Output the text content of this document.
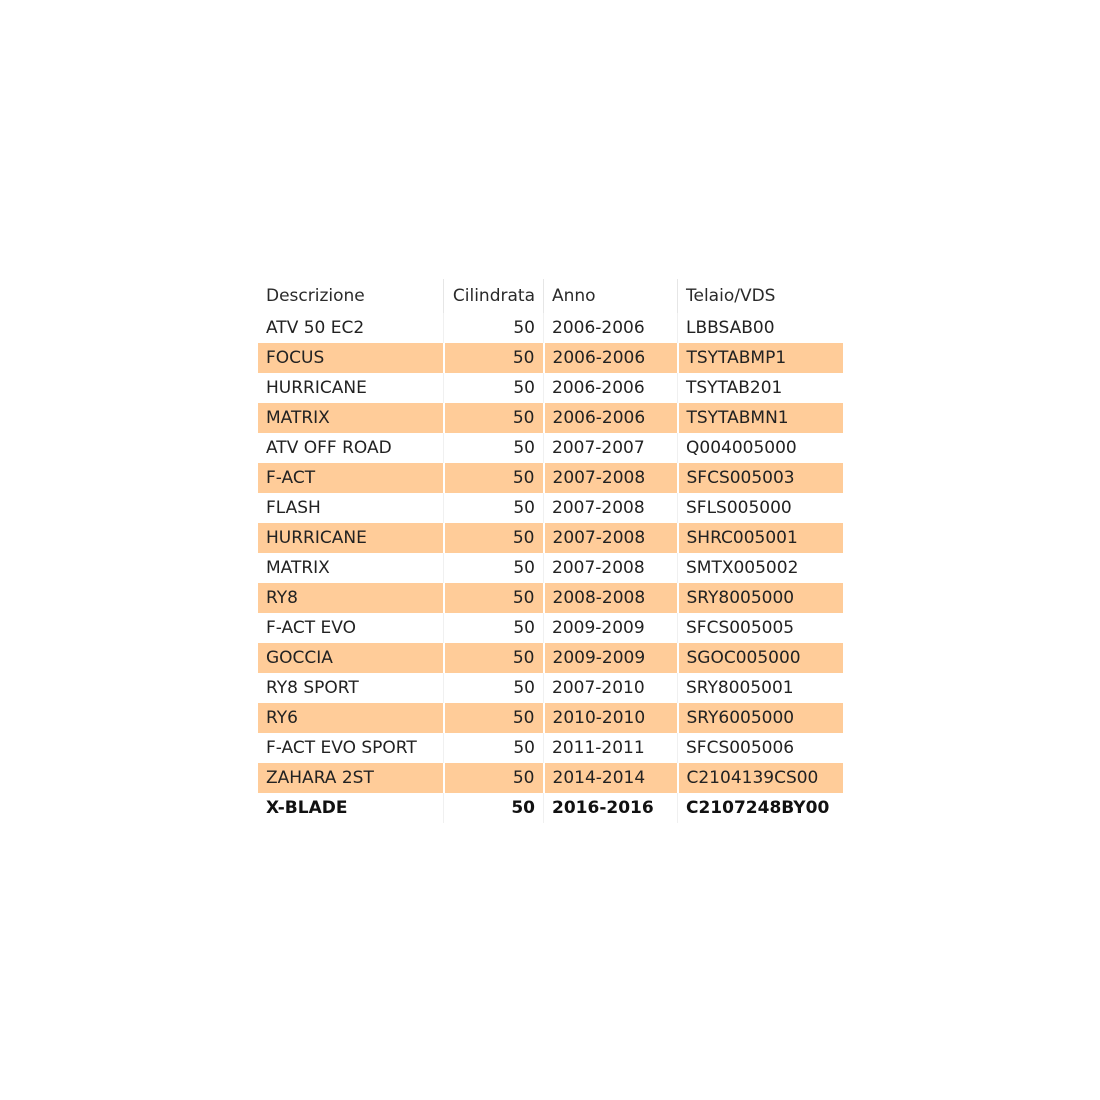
Descrizione	Cilindrata	Anno	Telaio/VDS
ATV 50 EC2	50	2006-2006	LBBSAB00
FOCUS	50	2006-2006	TSYTABMP1
HURRICANE	50	2006-2006	TSYTAB201
MATRIX	50	2006-2006	TSYTABMN1
ATV OFF ROAD	50	2007-2007	Q004005000
F-ACT	50	2007-2008	SFCS005003
FLASH	50	2007-2008	SFLS005000
HURRICANE	50	2007-2008	SHRC005001
MATRIX	50	2007-2008	SMTX005002
RY8	50	2008-2008	SRY8005000
F-ACT EVO	50	2009-2009	SFCS005005
GOCCIA	50	2009-2009	SGOC005000
RY8 SPORT	50	2007-2010	SRY8005001
RY6	50	2010-2010	SRY6005000
F-ACT EVO SPORT	50	2011-2011	SFCS005006
ZAHARA 2ST	50	2014-2014	C2104139CS00
X-BLADE	50	2016-2016	C2107248BY00
